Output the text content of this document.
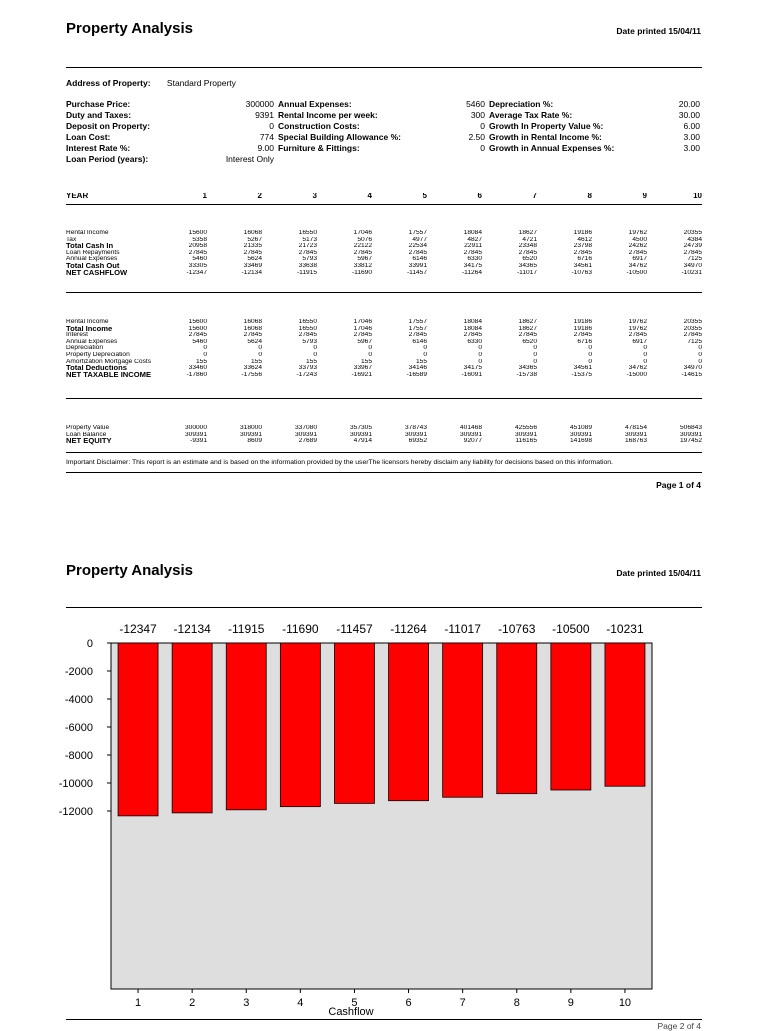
Property Analysis	Date printed 15/04/11
Address of Property: Standard Property
Purchase Price:	300000		Annual Expenses:	5460		Depreciation %:	20.00
Duty and Taxes:	9391		Rental Income per week:	300		Average Tax Rate %:	30.00
Deposit on Property:	0		Construction Costs:	0		Growth In Property Value %:	6.00
Loan Cost:	774		Special Building Allowance %:	2.50		Growth in Rental Income %:	3.00
Interest Rate %:	9.00		Furniture & Fittings:	0		Growth in Annual Expenses %:	3.00
Loan Period (years):	Interest Only						
YEAR	1	2	3	4	5	6	7	8	9	10
Rental Income	15600	16068	16550	17046	17557	18084	18627	19186	19762	20355
Tax	5358	5267	5173	5076	4977	4827	4721	4612	4500	4384
Total Cash In	20958	21335	21723	22122	22534	22911	23348	23798	24262	24739
Loan Repayments	27845	27845	27845	27845	27845	27845	27845	27845	27845	27845
Annual Expenses	5460	5624	5793	5967	6146	6330	6520	6716	6917	7125
Total Cash Out	33305	33469	33638	33812	33991	34175	34365	34561	34762	34970
NET CASHFLOW	-12347	-12134	-11915	-11690	-11457	-11264	-11017	-10763	-10500	-10231
Rental Income	15600	16068	16550	17046	17557	18084	18627	19186	19762	20355
Total Income	15600	16068	16550	17046	17557	18084	18627	19186	19762	20355
Interest	27845	27845	27845	27845	27845	27845	27845	27845	27845	27845
Annual Expenses	5460	5624	5793	5967	6146	6330	6520	6716	6917	7125
Depreciation	0	0	0	0	0	0	0	0	0	0
Property Depreciation	0	0	0	0	0	0	0	0	0	0
Amortization Mortgage Costs	155	155	155	155	155	0	0	0	0	0
Total Deductions	33460	33624	33793	33967	34146	34175	34365	34561	34762	34970
NET TAXABLE INCOME	-17860	-17556	-17243	-16921	-16589	-16091	-15738	-15375	-15000	-14615
Property Value	300000	318000	337080	357305	378743	401468	425556	451089	478154	506843
Loan Balance	309391	309391	309391	309391	309391	309391	309391	309391	309391	309391
NET EQUITY	-9391	8609	27689	47914	69352	92077	116165	141698	168763	197452
Important Disclaimer: This report is an estimate and is based on the information provided by the userThe licensors hereby disclaim any liability for decisions based on this information.
Page 1 of 4
Property Analysis	Date printed 15/04/11
0
-2000
-4000
-6000
-8000
-10000
-12000
1	2	3	4	5	6	7	8	9	10
-12347 -12134 -11915 -11690 -11457 -11264 -11017 -10763 -10500 -10231
Cashflow
Page 2 of 4
